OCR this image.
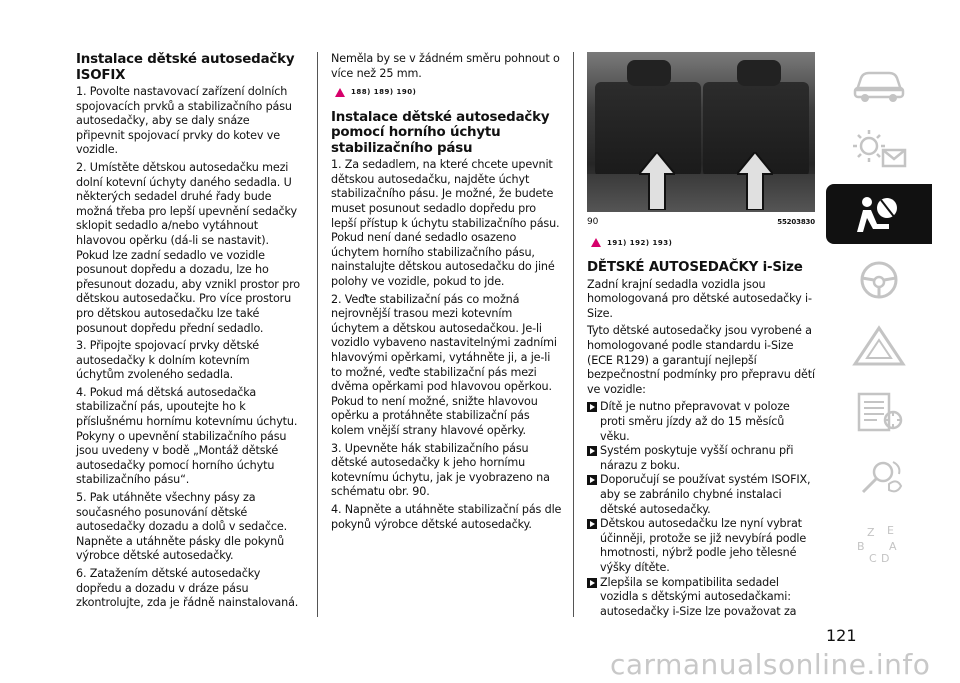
Instalace dětské autosedačky ISOFIX
1. Povolte nastavovací zařízení dolních spojovacích prvků a stabilizačního pásu autosedačky, aby se daly snáze připevnit spojovací prvky do kotev ve vozidle.
2. Umístěte dětskou autosedačku mezi dolní kotevní úchyty daného sedadla. U některých sedadel druhé řady bude možná třeba pro lepší upevnění sedačky sklopit sedadlo a/nebo vytáhnout hlavovou opěrku (dá-li se nastavit). Pokud lze zadní sedadlo ve vozidle posunout dopředu a dozadu, lze ho přesunout dozadu, aby vznikl prostor pro dětskou autosedačku. Pro více prostoru pro dětskou autosedačku lze také posunout dopředu přední sedadlo.
3. Připojte spojovací prvky dětské autosedačky k dolním kotevním úchytům zvoleného sedadla.
4. Pokud má dětská autosedačka stabilizační pás, upoutejte ho k příslušnému hornímu kotevnímu úchytu. Pokyny o upevnění stabilizačního pásu jsou uvedeny v bodě „Montáž dětské autosedačky pomocí horního úchytu stabilizačního pásu“.
5. Pak utáhněte všechny pásy za současného posunování dětské autosedačky dozadu a dolů v sedačce. Napněte a utáhněte pásky dle pokynů výrobce dětské autosedačky.
6. Zatažením dětské autosedačky dopředu a dozadu v dráze pásu zkontrolujte, zda je řádně nainstalovaná.
Neměla by se v žádném směru pohnout o více než 25 mm.
188) 189) 190)
Instalace dětské autosedačky pomocí horního úchytu stabilizačního pásu
1. Za sedadlem, na které chcete upevnit dětskou autosedačku, najděte úchyt stabilizačního pásu. Je možné, že budete muset posunout sedadlo dopředu pro lepší přístup k úchytu stabilizačního pásu. Pokud není dané sedadlo osazeno úchytem horního stabilizačního pásu, nainstalujte dětskou autosedačku do jiné polohy ve vozidle, pokud to jde.
2. Veďte stabilizační pás co možná nejrovnější trasou mezi kotevním úchytem a dětskou autosedačkou. Je-li vozidlo vybaveno nastavitelnými zadními hlavovými opěrkami, vytáhněte ji, a je-li to možné, veďte stabilizační pás mezi dvěma opěrkami pod hlavovou opěrkou. Pokud to není možné, snižte hlavovou opěrku a protáhněte stabilizační pás kolem vnější strany hlavové opěrky.
3. Upevněte hák stabilizačního pásu dětské autosedačky k jeho hornímu kotevnímu úchytu, jak je vyobrazeno na schématu obr. 90.
4. Napněte a utáhněte stabilizační pás dle pokynů výrobce dětské autosedačky.
90	55203830
191) 192) 193)
DĚTSKÉ AUTOSEDAČKY i-Size
Zadní krajní sedadla vozidla jsou homologovaná pro dětské autosedačky i-Size.
Tyto dětské autosedačky jsou vyrobené a homologované podle standardu i-Size (ECE R129) a garantují nejlepší bezpečnostní podmínky pro přepravu dětí ve vozidle:
Dítě je nutno přepravovat v poloze proti směru jízdy až do 15 měsíců věku.
Systém poskytuje vyšší ochranu při nárazu z boku.
Doporučují se používat systém ISOFIX, aby se zabránilo chybné instalaci dětské autosedačky.
Dětskou autosedačku lze nyní vybrat účinněji, protože se již nevybírá podle hmotnosti, nýbrž podle jeho tělesné výšky dítěte.
Zlepšila se kompatibilita sedadel vozidla s dětskými autosedačkami: autosedačky i-Size lze považovat za
Z E
B A
C D
121
carmanualsonline.info
